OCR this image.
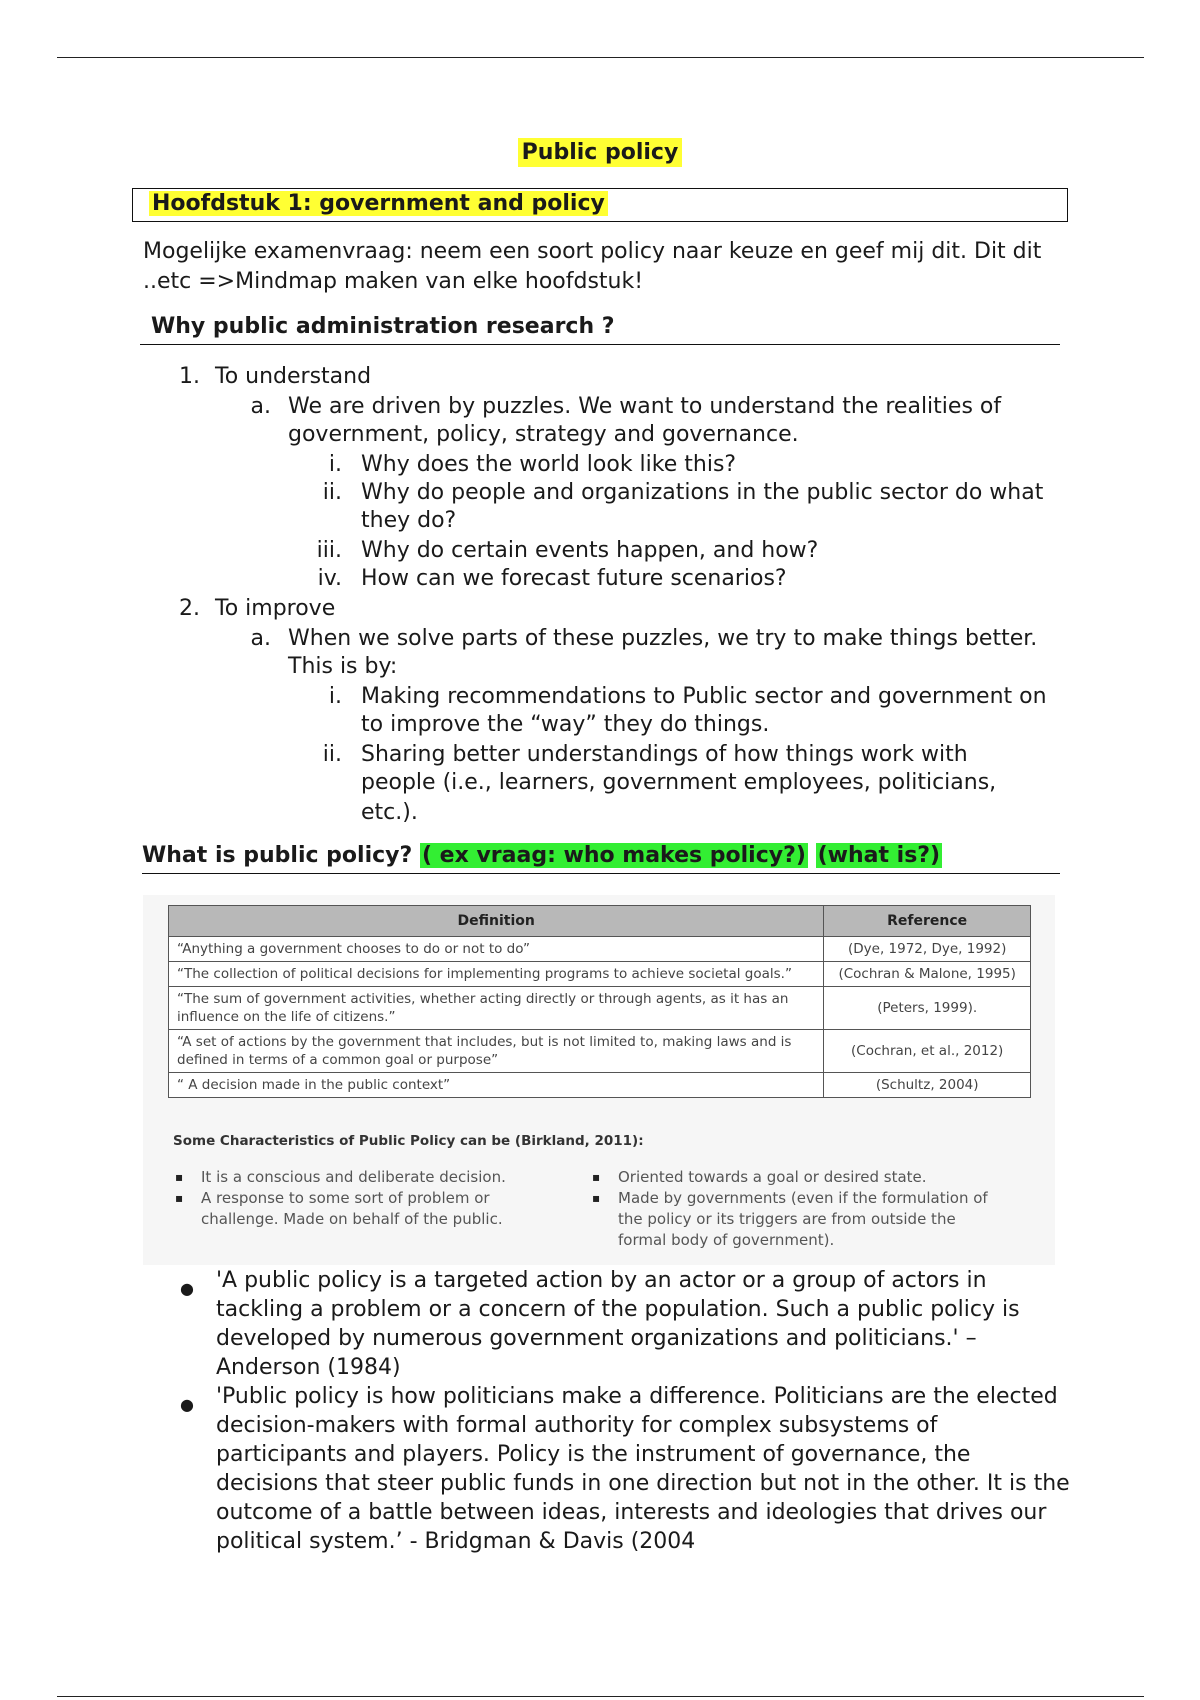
Public policy
Hoofdstuk 1: government and policy
Mogelijke examenvraag: neem een soort policy naar keuze en geef mij dit. Dit dit ..etc =>Mindmap maken van elke hoofdstuk!
Why public administration research ?
1. To understand
a. We are driven by puzzles. We want to understand the realities of
government, policy, strategy and governance.
i. Why does the world look like this?
ii. Why do people and organizations in the public sector do what
they do?
iii. Why do certain events happen, and how?
iv. How can we forecast future scenarios?
2. To improve
a. When we solve parts of these puzzles, we try to make things better.
This is by:
i. Making recommendations to Public sector and government on
to improve the “way” they do things.
ii. Sharing better understandings of how things work with
people (i.e., learners, government employees, politicians,
etc.).
What is public policy? ( ex vraag: who makes policy?) (what is?)
Definition	Reference
“Anything a government chooses to do or not to do”	(Dye, 1972, Dye, 1992)
“The collection of political decisions for implementing programs to achieve societal goals.”	(Cochran & Malone, 1995)
“The sum of government activities, whether acting directly or through agents, as it has an influence on the life of citizens.”	(Peters, 1999).
“A set of actions by the government that includes, but is not limited to, making laws and is defined in terms of a common goal or purpose”	(Cochran, et al., 2012)
“ A decision made in the public context”	(Schultz, 2004)
Some Characteristics of Public Policy can be (Birkland, 2011):
▪ It is a conscious and deliberate decision.
▪ A response to some sort of problem or challenge. Made on behalf of the public.
▪ Oriented towards a goal or desired state.
▪ Made by governments (even if the formulation of the policy or its triggers are from outside the formal body of government).
● 'A public policy is a targeted action by an actor or a group of actors in tackling a problem or a concern of the population. Such a public policy is developed by numerous government organizations and politicians.' – Anderson (1984)
● 'Public policy is how politicians make a difference. Politicians are the elected decision-makers with formal authority for complex subsystems of participants and players. Policy is the instrument of governance, the decisions that steer public funds in one direction but not in the other. It is the outcome of a battle between ideas, interests and ideologies that drives our political system.’ - Bridgman & Davis (2004
